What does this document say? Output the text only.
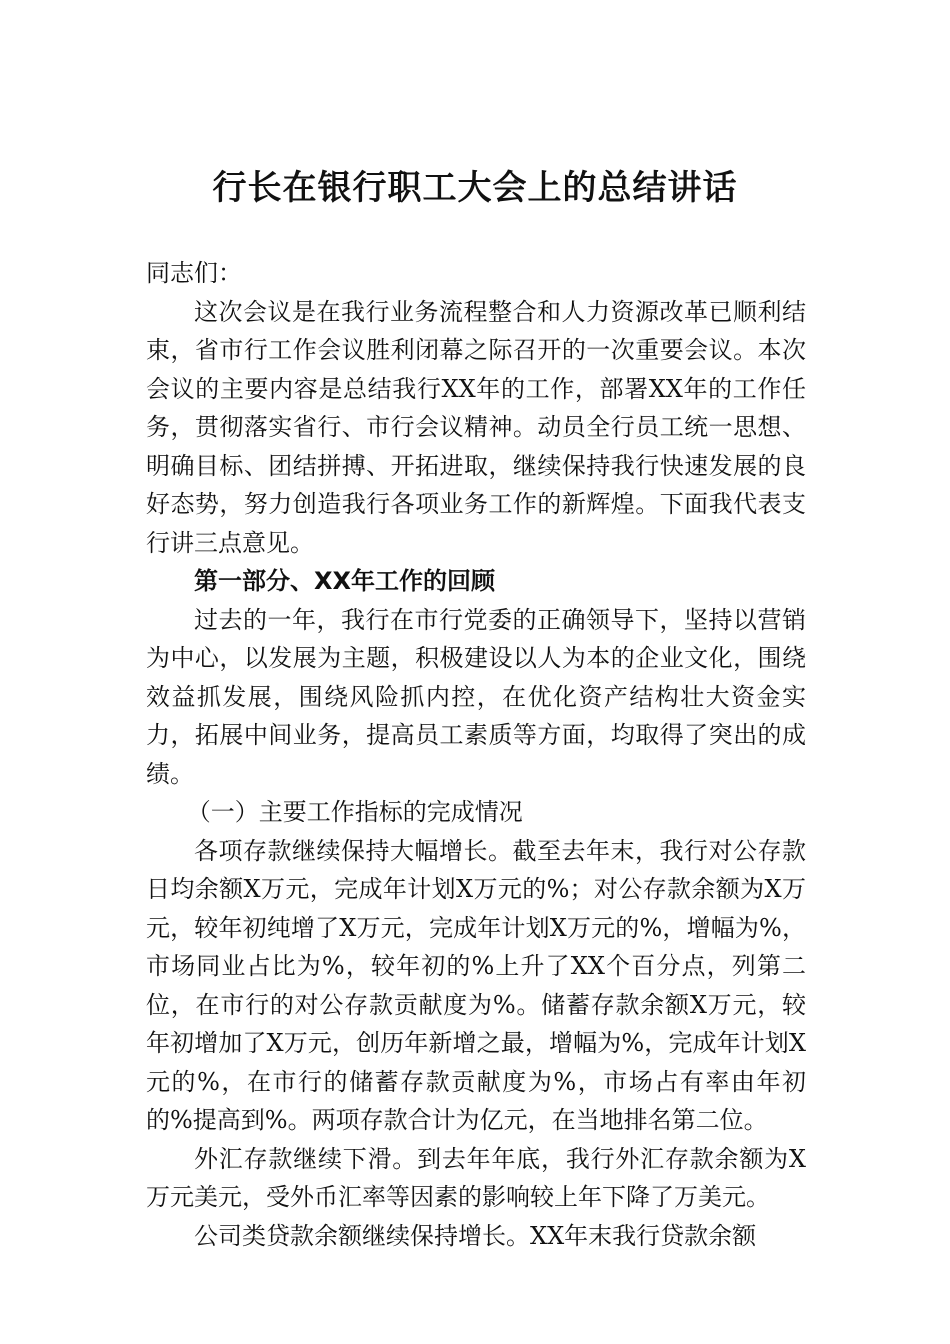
行长在银行职工大会上的总结讲话

同志们：

这次会议是在我行业务流程整合和人力资源改革已顺利结束，省市行工作会议胜利闭幕之际召开的一次重要会议。本次会议的主要内容是总结我行XX年的工作，部署XX年的工作任务，贯彻落实省行、市行会议精神。动员全行员工统一思想、明确目标、团结拼搏、开拓进取，继续保持我行快速发展的良好态势，努力创造我行各项业务工作的新辉煌。下面我代表支行讲三点意见。

第一部分、XX年工作的回顾

过去的一年，我行在市行党委的正确领导下，坚持以营销为中心，以发展为主题，积极建设以人为本的企业文化，围绕效益抓发展，围绕风险抓内控，在优化资产结构壮大资金实力，拓展中间业务，提高员工素质等方面，均取得了突出的成绩。

（一）主要工作指标的完成情况

各项存款继续保持大幅增长。截至去年末，我行对公存款日均余额X万元，完成年计划X万元的%；对公存款余额为X万元，较年初纯增了X万元，完成年计划X万元的%，增幅为%，市场同业占比为%，较年初的%上升了XX个百分点，列第二位，在市行的对公存款贡献度为%。储蓄存款余额X万元，较年初增加了X万元，创历年新增之最，增幅为%，完成年计划X元的%，在市行的储蓄存款贡献度为%，市场占有率由年初的%提高到%。两项存款合计为亿元，在当地排名第二位。

外汇存款继续下滑。到去年年底，我行外汇存款余额为X万元美元，受外币汇率等因素的影响较上年下降了万美元。

公司类贷款余额继续保持增长。XX年末我行贷款余额
